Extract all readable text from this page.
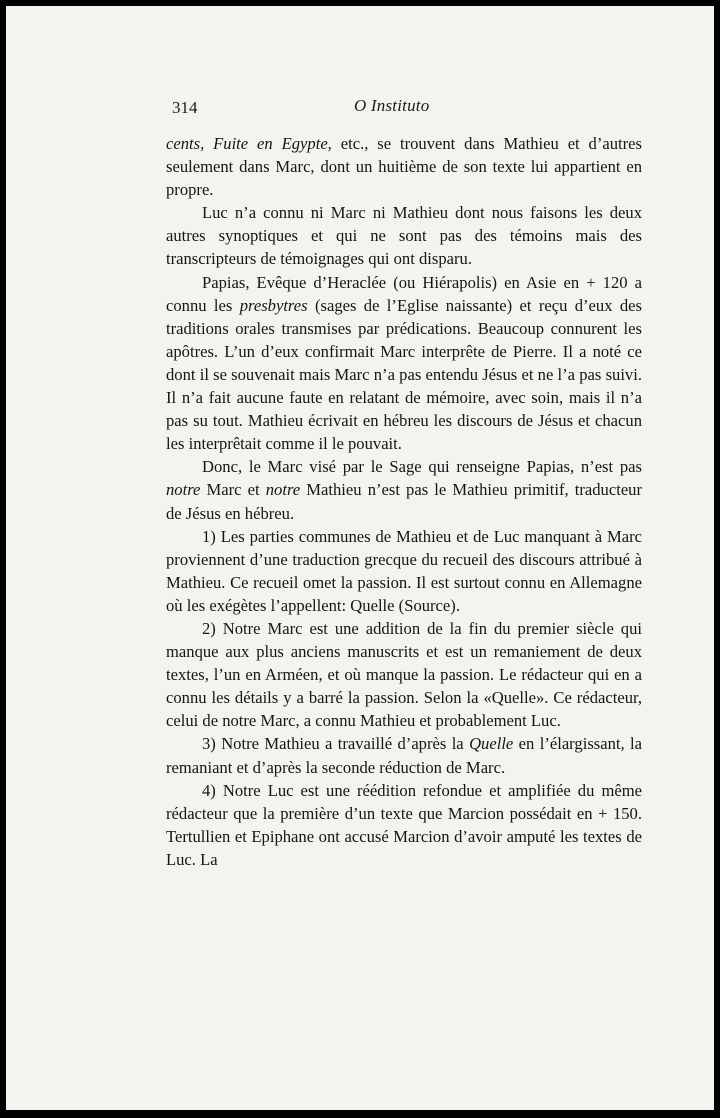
314	O Instituto

cents, Fuite en Egypte, etc., se trouvent dans Mathieu et d’autres seulement dans Marc, dont un huitième de son texte lui appartient en propre.

Luc n’a connu ni Marc ni Mathieu dont nous faisons les deux autres synoptiques et qui ne sont pas des témoins mais des transcripteurs de témoignages qui ont disparu.

Papias, Evêque d’Heraclée (ou Hiérapolis) en Asie en + 120 a connu les presbytres (sages de l’Eglise naissante) et reçu d’eux des traditions orales transmises par prédications. Beaucoup connurent les apôtres. L’un d’eux confirmait Marc interprête de Pierre. Il a noté ce dont il se souvenait mais Marc n’a pas entendu Jésus et ne l’a pas suivi. Il n’a fait aucune faute en relatant de mémoire, avec soin, mais il n’a pas su tout. Mathieu écrivait en hébreu les discours de Jésus et chacun les interprêtait comme il le pouvait.

Donc, le Marc visé par le Sage qui renseigne Papias, n’est pas notre Marc et notre Mathieu n’est pas le Mathieu primitif, traducteur de Jésus en hébreu.

1) Les parties communes de Mathieu et de Luc manquant à Marc proviennent d’une traduction grecque du recueil des discours attribué à Mathieu. Ce recueil omet la passion. Il est surtout connu en Allemagne où les exégètes l’appellent: Quelle (Source).

2) Notre Marc est une addition de la fin du premier siècle qui manque aux plus anciens manuscrits et est un remaniement de deux textes, l’un en Arméen, et où manque la passion. Le rédacteur qui en a connu les détails y a barré la passion. Selon la «Quelle». Ce rédacteur, celui de notre Marc, a connu Mathieu et probablement Luc.

3) Notre Mathieu a travaillé d’après la Quelle en l’élargissant, la remaniant et d’après la seconde réduction de Marc.

4) Notre Luc est une réédition refondue et amplifiée du même rédacteur que la première d’un texte que Marcion possédait en + 150. Tertullien et Epiphane ont accusé Marcion d’avoir amputé les textes de Luc. La
